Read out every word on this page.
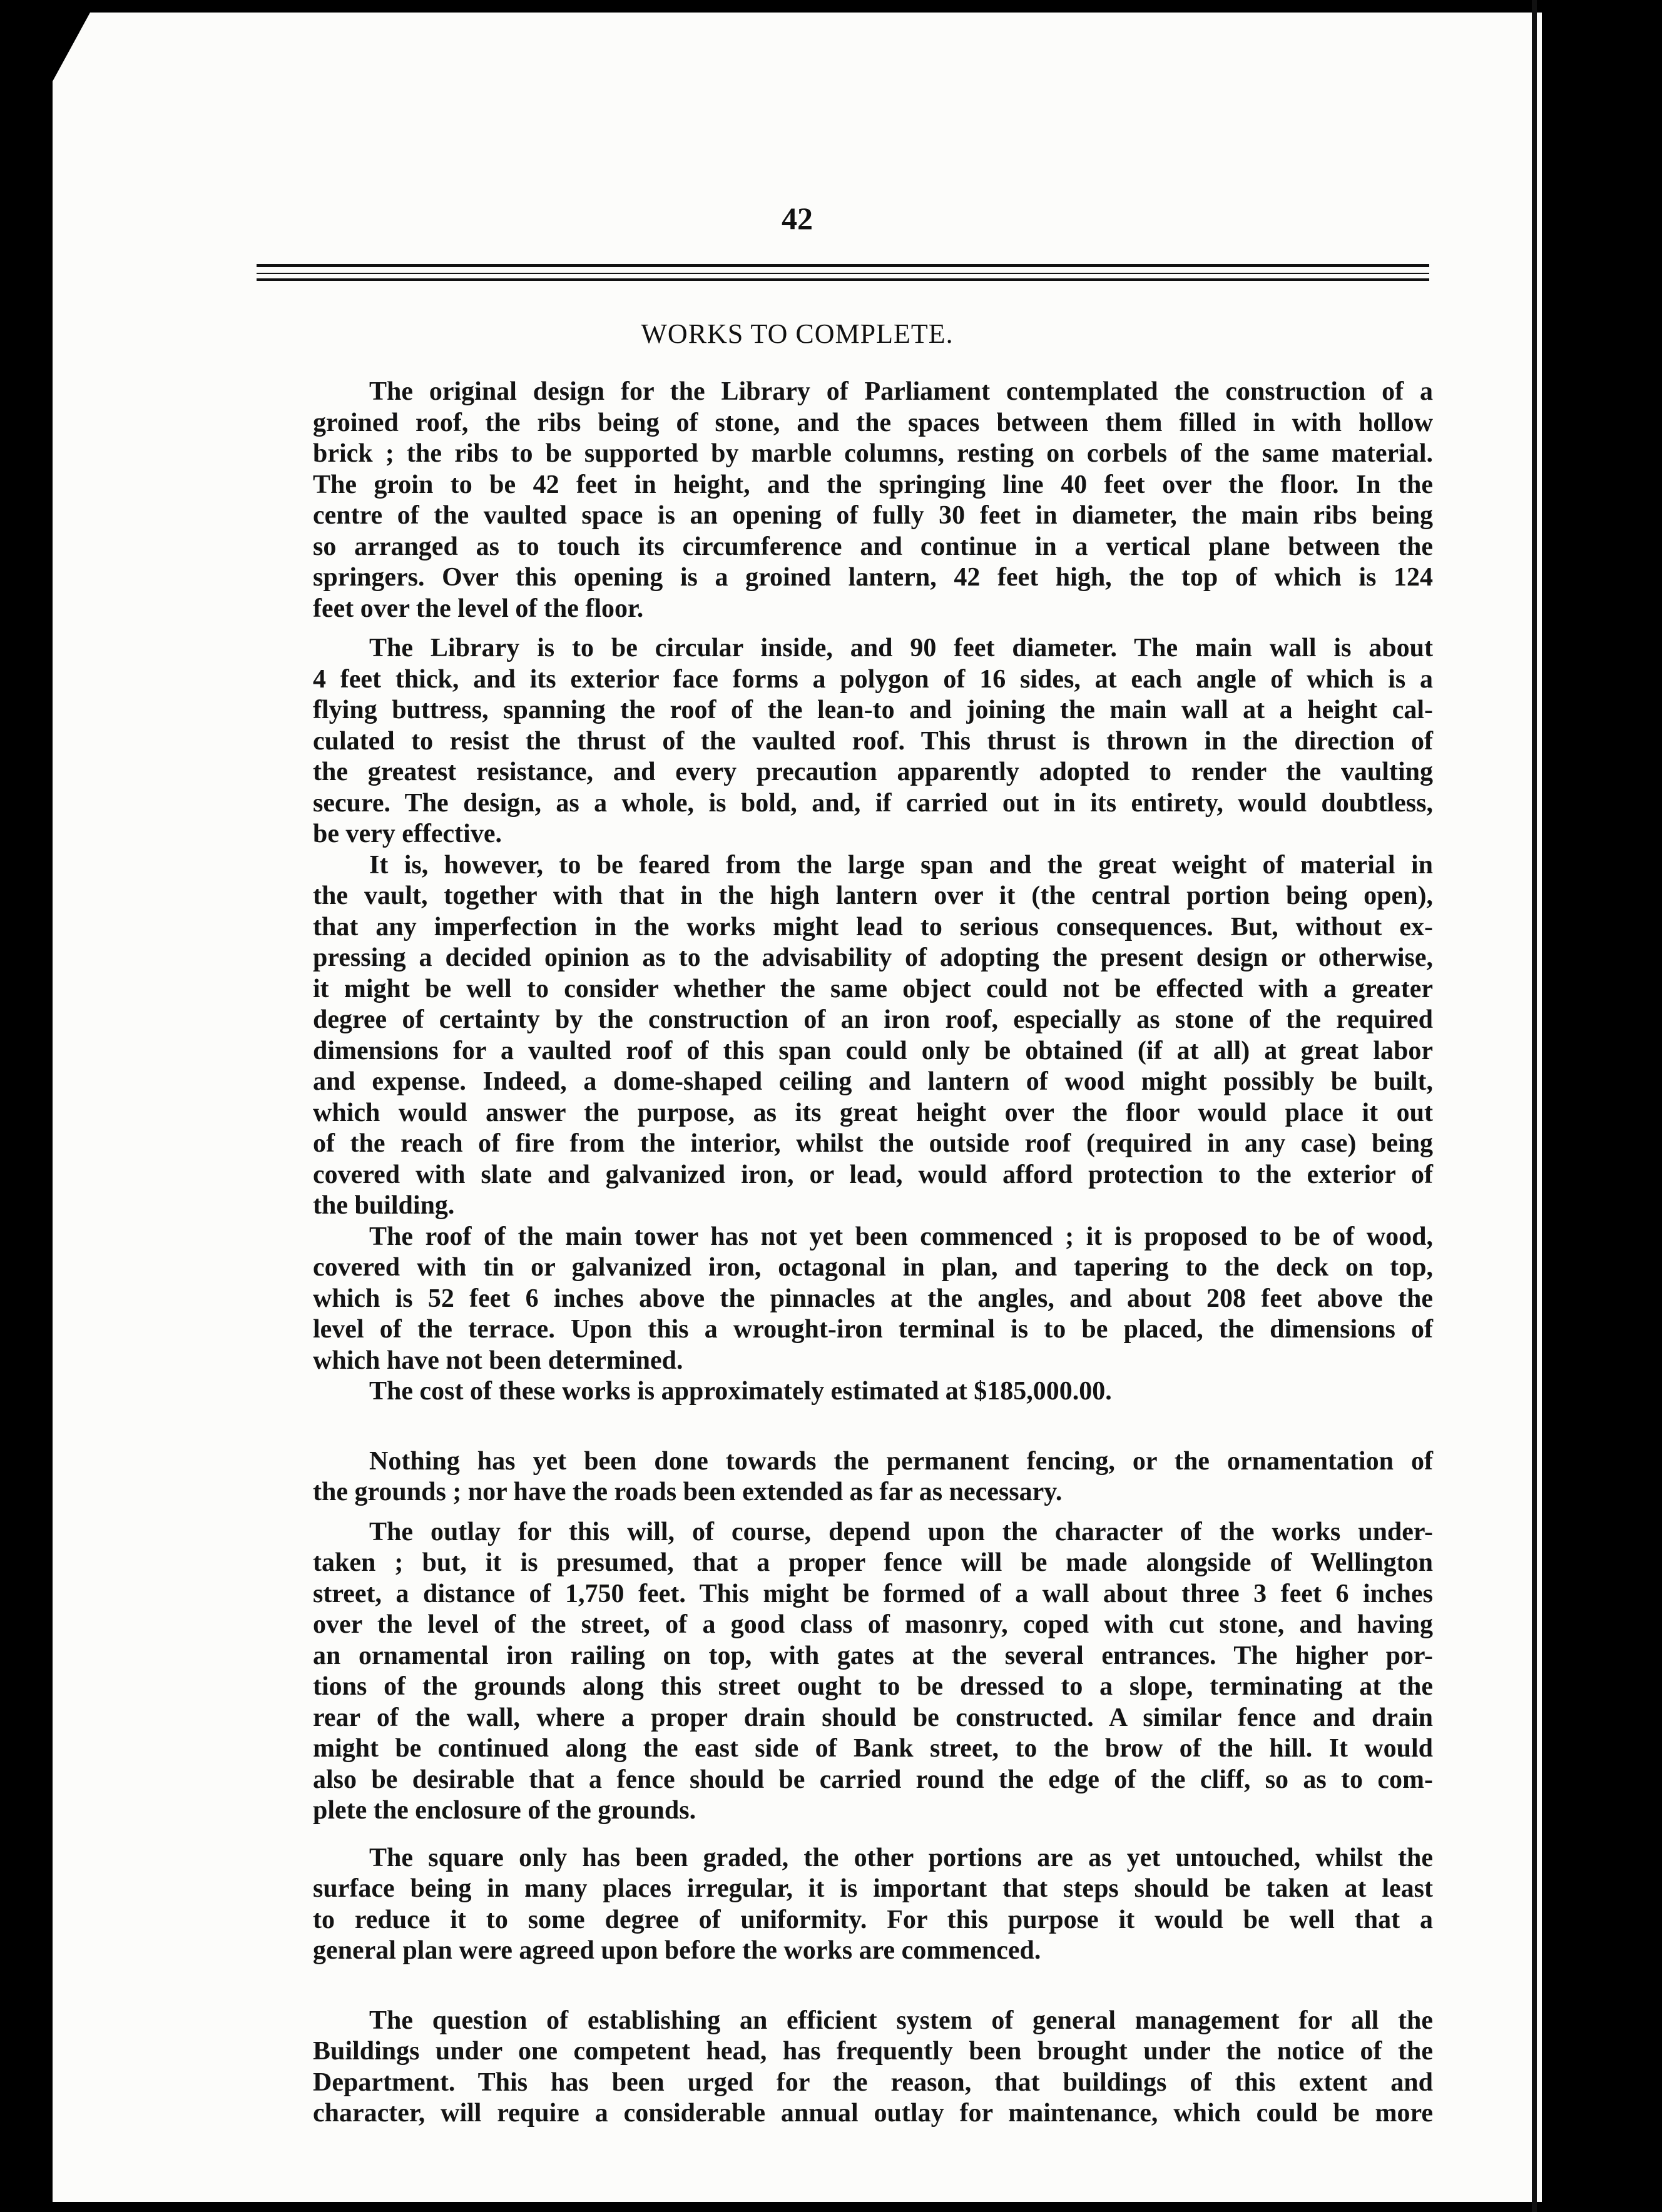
42
WORKS TO COMPLETE.
The original design for the Library of Parliament contemplated the construction of a
groined roof, the ribs being of stone, and the spaces between them filled in with hollow
brick ; the ribs to be supported by marble columns, resting on corbels of the same material.
The groin to be 42 feet in height, and the springing line 40 feet over the floor. In the
centre of the vaulted space is an opening of fully 30 feet in diameter, the main ribs being
so arranged as to touch its circumference and continue in a vertical plane between the
springers. Over this opening is a groined lantern, 42 feet high, the top of which is 124
feet over the level of the floor.
The Library is to be circular inside, and 90 feet diameter. The main wall is about
4 feet thick, and its exterior face forms a polygon of 16 sides, at each angle of which is a
flying buttress, spanning the roof of the lean-to and joining the main wall at a height cal-
culated to resist the thrust of the vaulted roof. This thrust is thrown in the direction of
the greatest resistance, and every precaution apparently adopted to render the vaulting
secure. The design, as a whole, is bold, and, if carried out in its entirety, would doubtless,
be very effective.
It is, however, to be feared from the large span and the great weight of material in
the vault, together with that in the high lantern over it (the central portion being open),
that any imperfection in the works might lead to serious consequences. But, without ex-
pressing a decided opinion as to the advisability of adopting the present design or otherwise,
it might be well to consider whether the same object could not be effected with a greater
degree of certainty by the construction of an iron roof, especially as stone of the required
dimensions for a vaulted roof of this span could only be obtained (if at all) at great labor
and expense. Indeed, a dome-shaped ceiling and lantern of wood might possibly be built,
which would answer the purpose, as its great height over the floor would place it out
of the reach of fire from the interior, whilst the outside roof (required in any case) being
covered with slate and galvanized iron, or lead, would afford protection to the exterior of
the building.
The roof of the main tower has not yet been commenced ; it is proposed to be of wood,
covered with tin or galvanized iron, octagonal in plan, and tapering to the deck on top,
which is 52 feet 6 inches above the pinnacles at the angles, and about 208 feet above the
level of the terrace. Upon this a wrought-iron terminal is to be placed, the dimensions of
which have not been determined.
The cost of these works is approximately estimated at $185,000.00.
Nothing has yet been done towards the permanent fencing, or the ornamentation of
the grounds ; nor have the roads been extended as far as necessary.
The outlay for this will, of course, depend upon the character of the works under-
taken ; but, it is presumed, that a proper fence will be made alongside of Wellington
street, a distance of 1,750 feet. This might be formed of a wall about three 3 feet 6 inches
over the level of the street, of a good class of masonry, coped with cut stone, and having
an ornamental iron railing on top, with gates at the several entrances. The higher por-
tions of the grounds along this street ought to be dressed to a slope, terminating at the
rear of the wall, where a proper drain should be constructed. A similar fence and drain
might be continued along the east side of Bank street, to the brow of the hill. It would
also be desirable that a fence should be carried round the edge of the cliff, so as to com-
plete the enclosure of the grounds.
The square only has been graded, the other portions are as yet untouched, whilst the
surface being in many places irregular, it is important that steps should be taken at least
to reduce it to some degree of uniformity. For this purpose it would be well that a
general plan were agreed upon before the works are commenced.
The question of establishing an efficient system of general management for all the
Buildings under one competent head, has frequently been brought under the notice of the
Department. This has been urged for the reason, that buildings of this extent and
character, will require a considerable annual outlay for maintenance, which could be more
